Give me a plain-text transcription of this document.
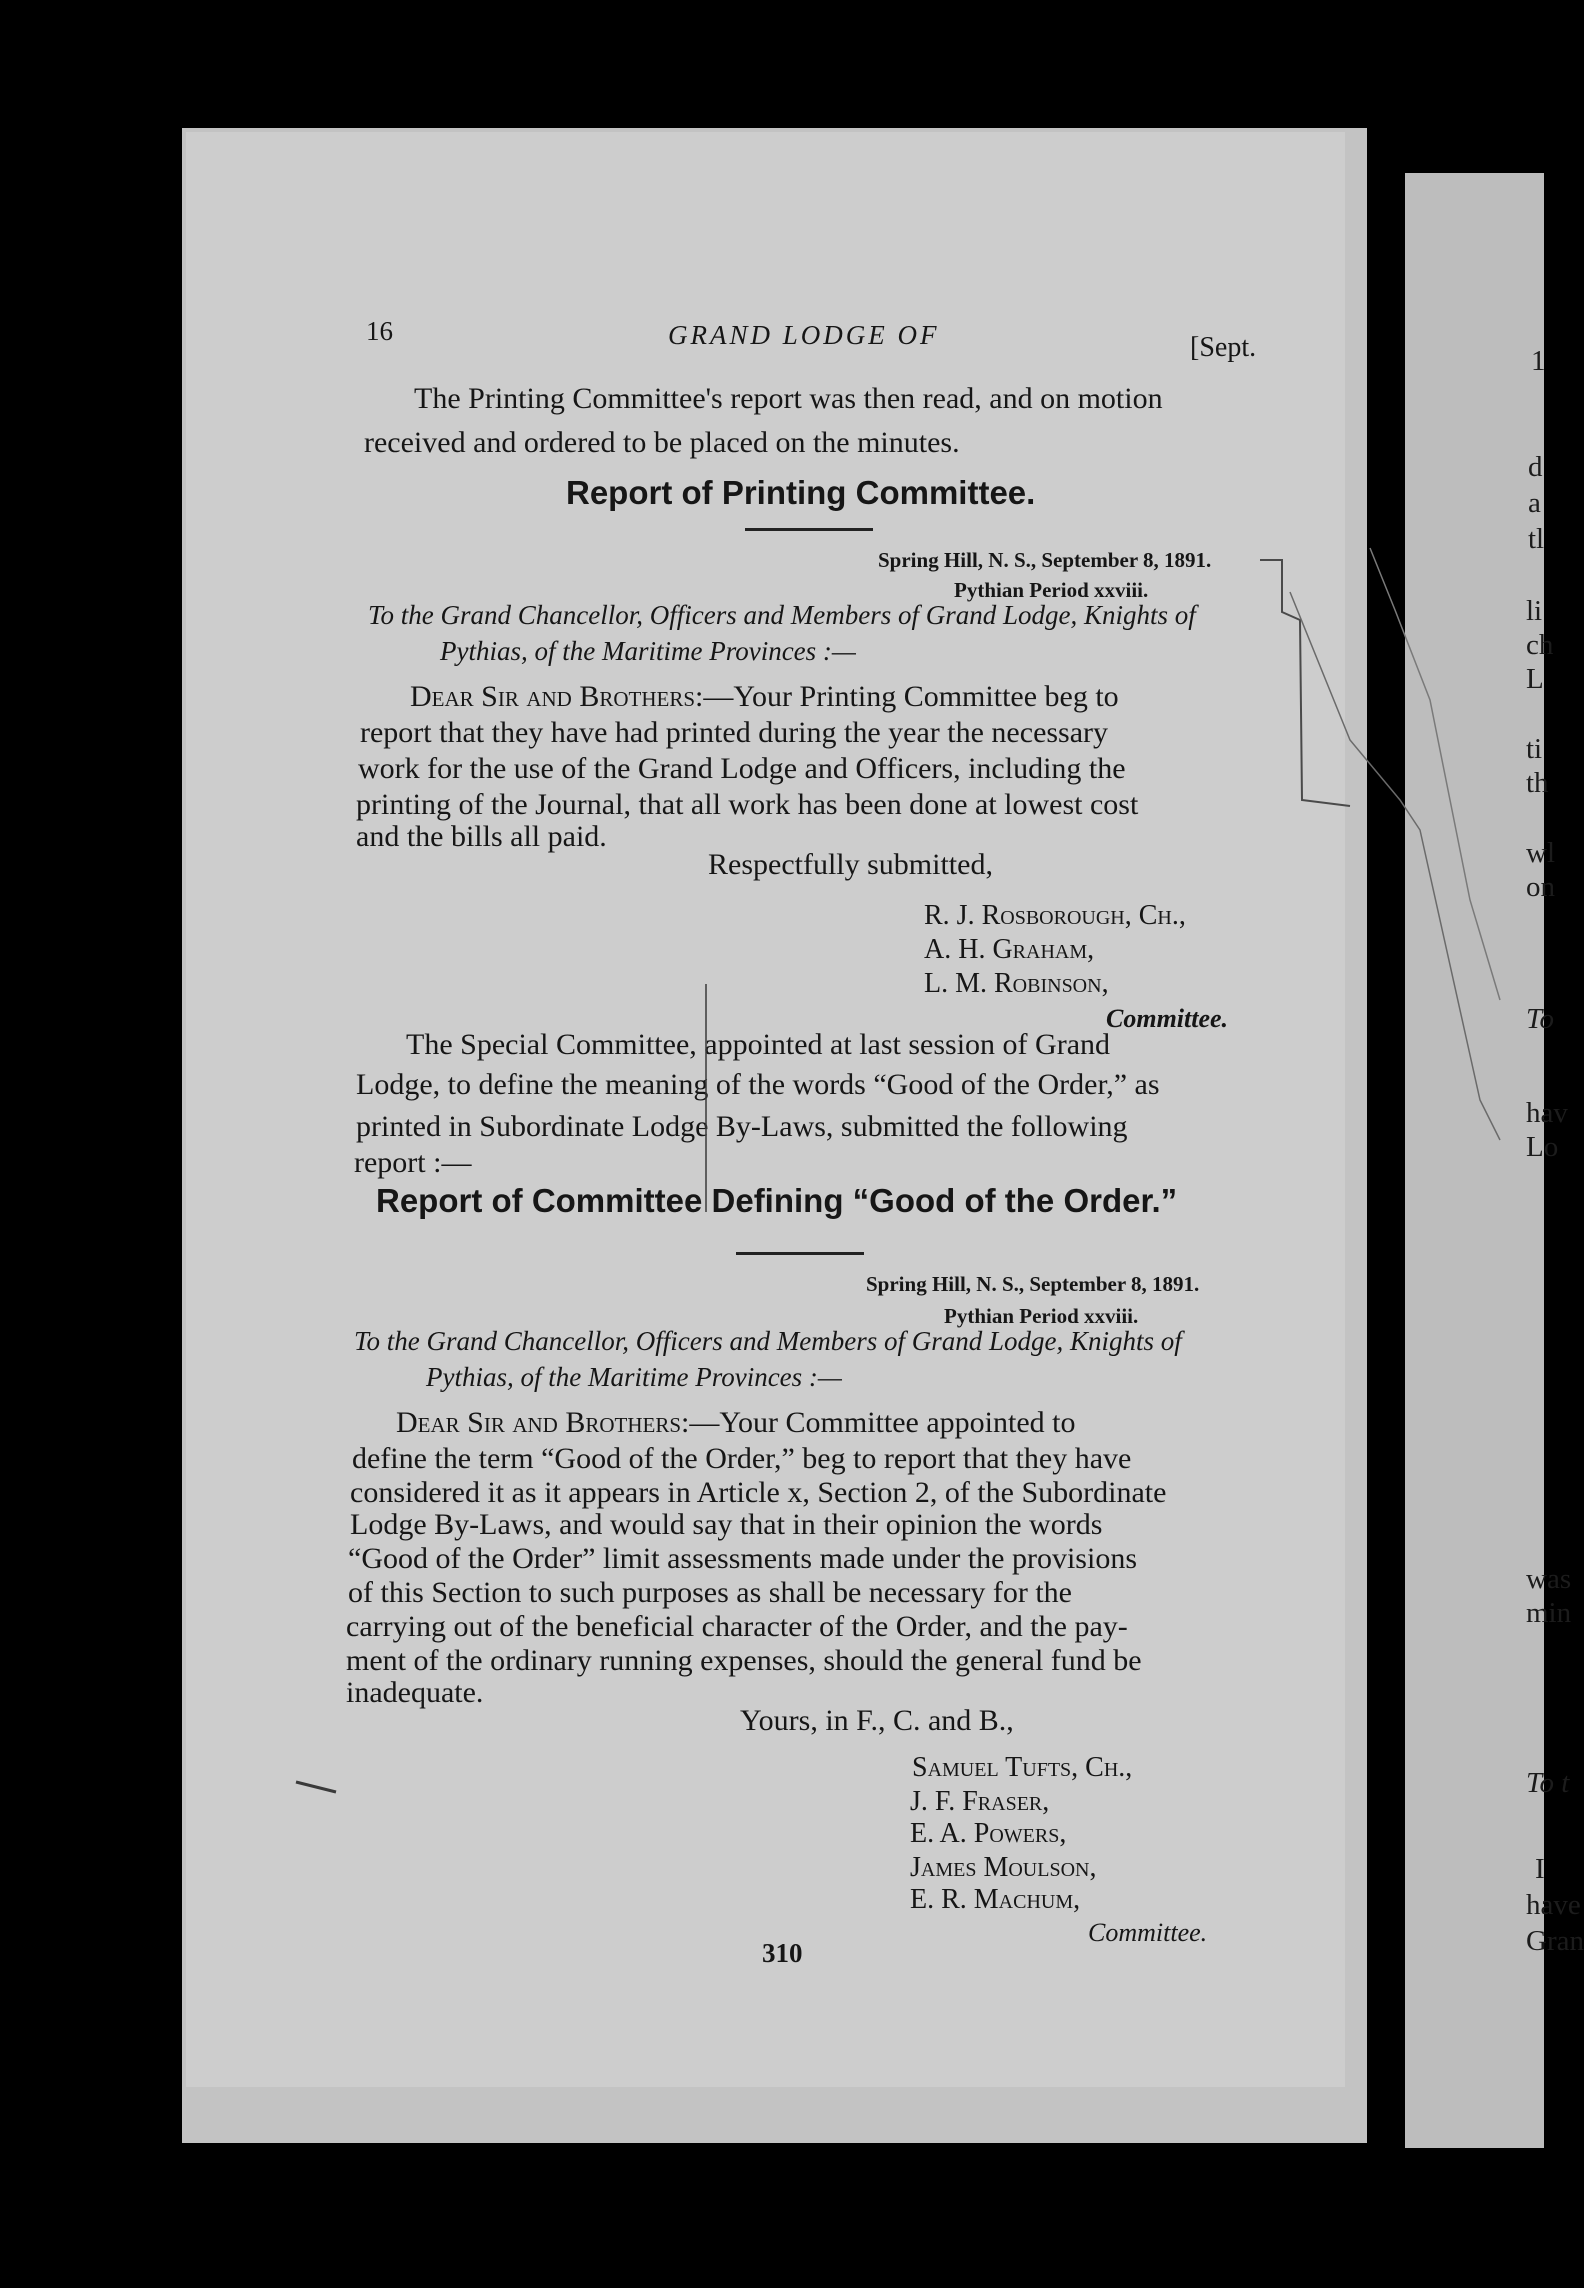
1
d
a
tl
li
ch
L
ti
th
wl
on
To
hav
Lo
was
min
To t
I
have
Gran
16	GRAND LODGE OF	[Sept.
The Printing Committee's report was then read, and on motion
received and ordered to be placed on the minutes.
Report of Printing Committee.
Spring Hill, N. S., September 8, 1891.
Pythian Period xxviii.
To the Grand Chancellor, Officers and Members of Grand Lodge, Knights of
Pythias, of the Maritime Provinces :—
Dear Sir and Brothers:—Your Printing Committee beg to
report that they have had printed during the year the necessary
work for the use of the Grand Lodge and Officers, including the
printing of the Journal, that all work has been done at lowest cost
and the bills all paid.
Respectfully submitted,
R. J. Rosborough, Ch.,
A. H. Graham,
L. M. Robinson,
Committee.
The Special Committee, appointed at last session of Grand
Lodge, to define the meaning of the words “Good of the Order,” as
printed in Subordinate Lodge By-Laws, submitted the following
report :—
Report of Committee Defining “Good of the Order.”
Spring Hill, N. S., September 8, 1891.
Pythian Period xxviii.
To the Grand Chancellor, Officers and Members of Grand Lodge, Knights of
Pythias, of the Maritime Provinces :—
Dear Sir and Brothers:—Your Committee appointed to
define the term “Good of the Order,” beg to report that they have
considered it as it appears in Article x, Section 2, of the Subordinate
Lodge By-Laws, and would say that in their opinion the words
“Good of the Order” limit assessments made under the provisions
of this Section to such purposes as shall be necessary for the
carrying out of the beneficial character of the Order, and the pay-
ment of the ordinary running expenses, should the general fund be
inadequate.
Yours, in F., C. and B.,
Samuel Tufts, Ch.,
J. F. Fraser,
E. A. Powers,
James Moulson,
E. R. Machum,
Committee.
310
